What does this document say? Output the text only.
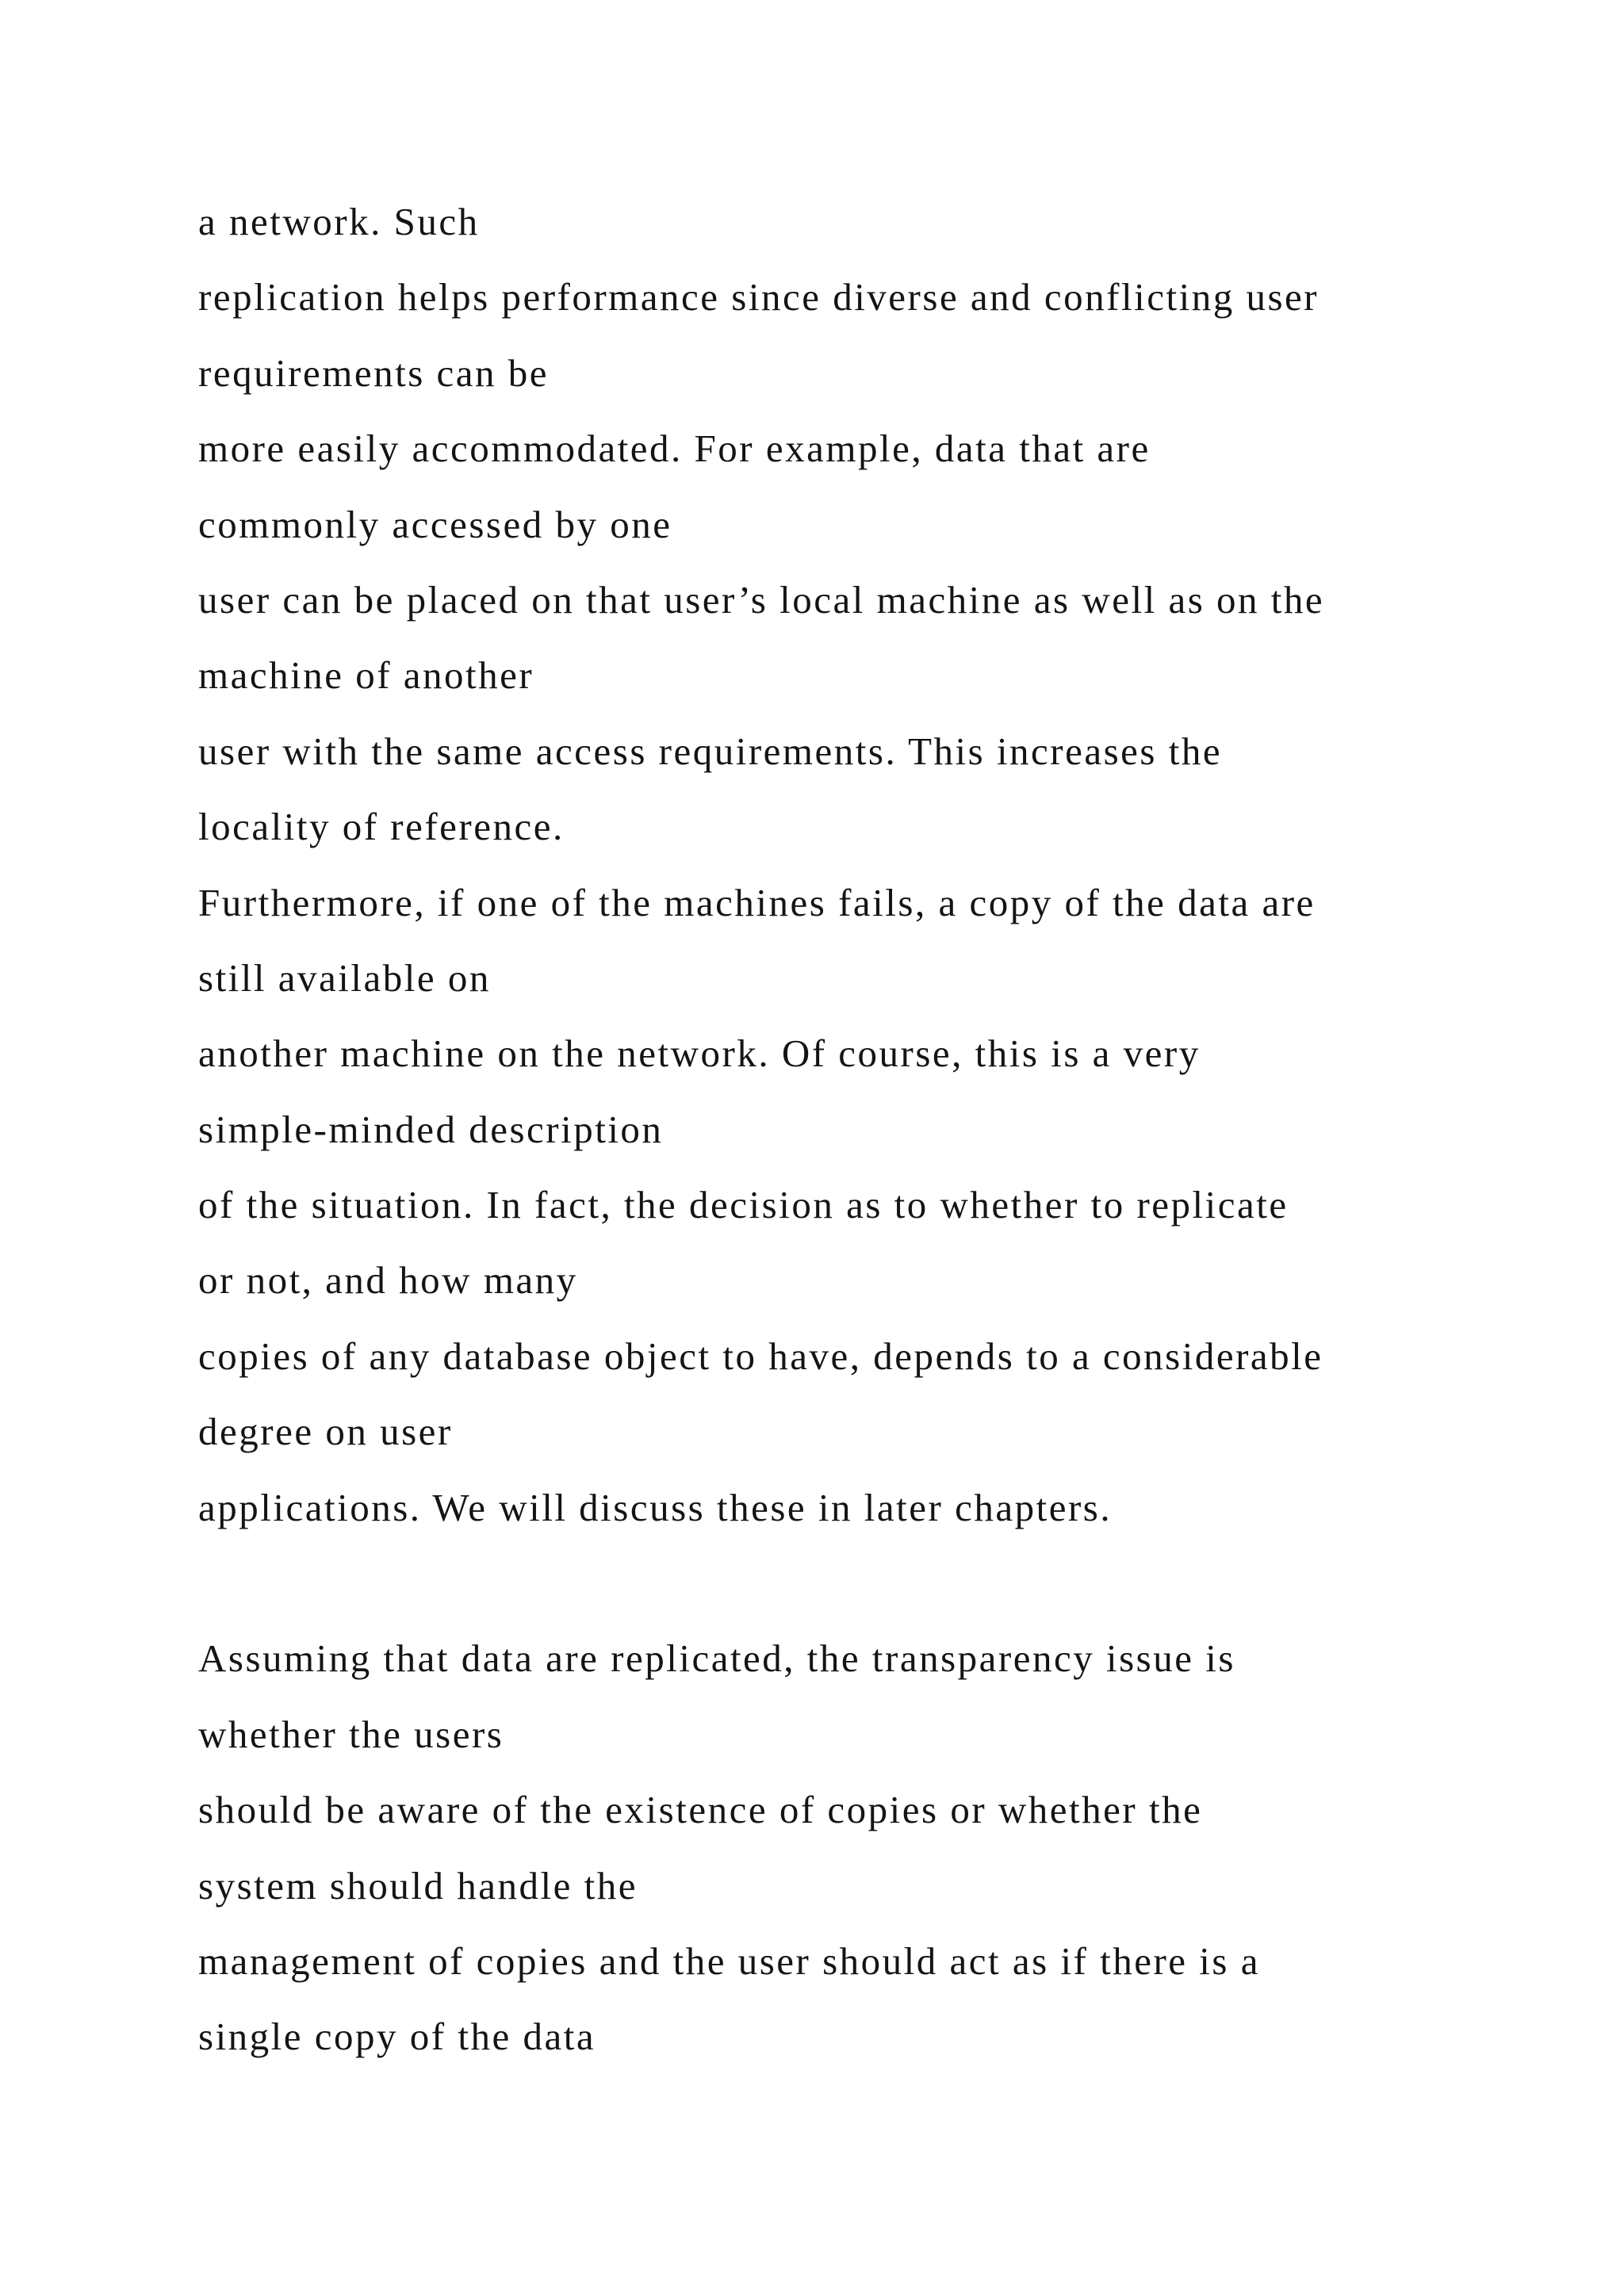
a network. Such

replication helps performance since diverse and conflicting user

requirements can be

more easily accommodated. For example, data that are

commonly accessed by one

user can be placed on that user’s local machine as well as on the

machine of another

user with the same access requirements. This increases the

locality of reference.

Furthermore, if one of the machines fails, a copy of the data are

still available on

another machine on the network. Of course, this is a very

simple-minded description

of the situation. In fact, the decision as to whether to replicate

or not, and how many

copies of any database object to have, depends to a considerable

degree on user

applications. We will discuss these in later chapters.

Assuming that data are replicated, the transparency issue is

whether the users

should be aware of the existence of copies or whether the

system should handle the

management of copies and the user should act as if there is a

single copy of the data
